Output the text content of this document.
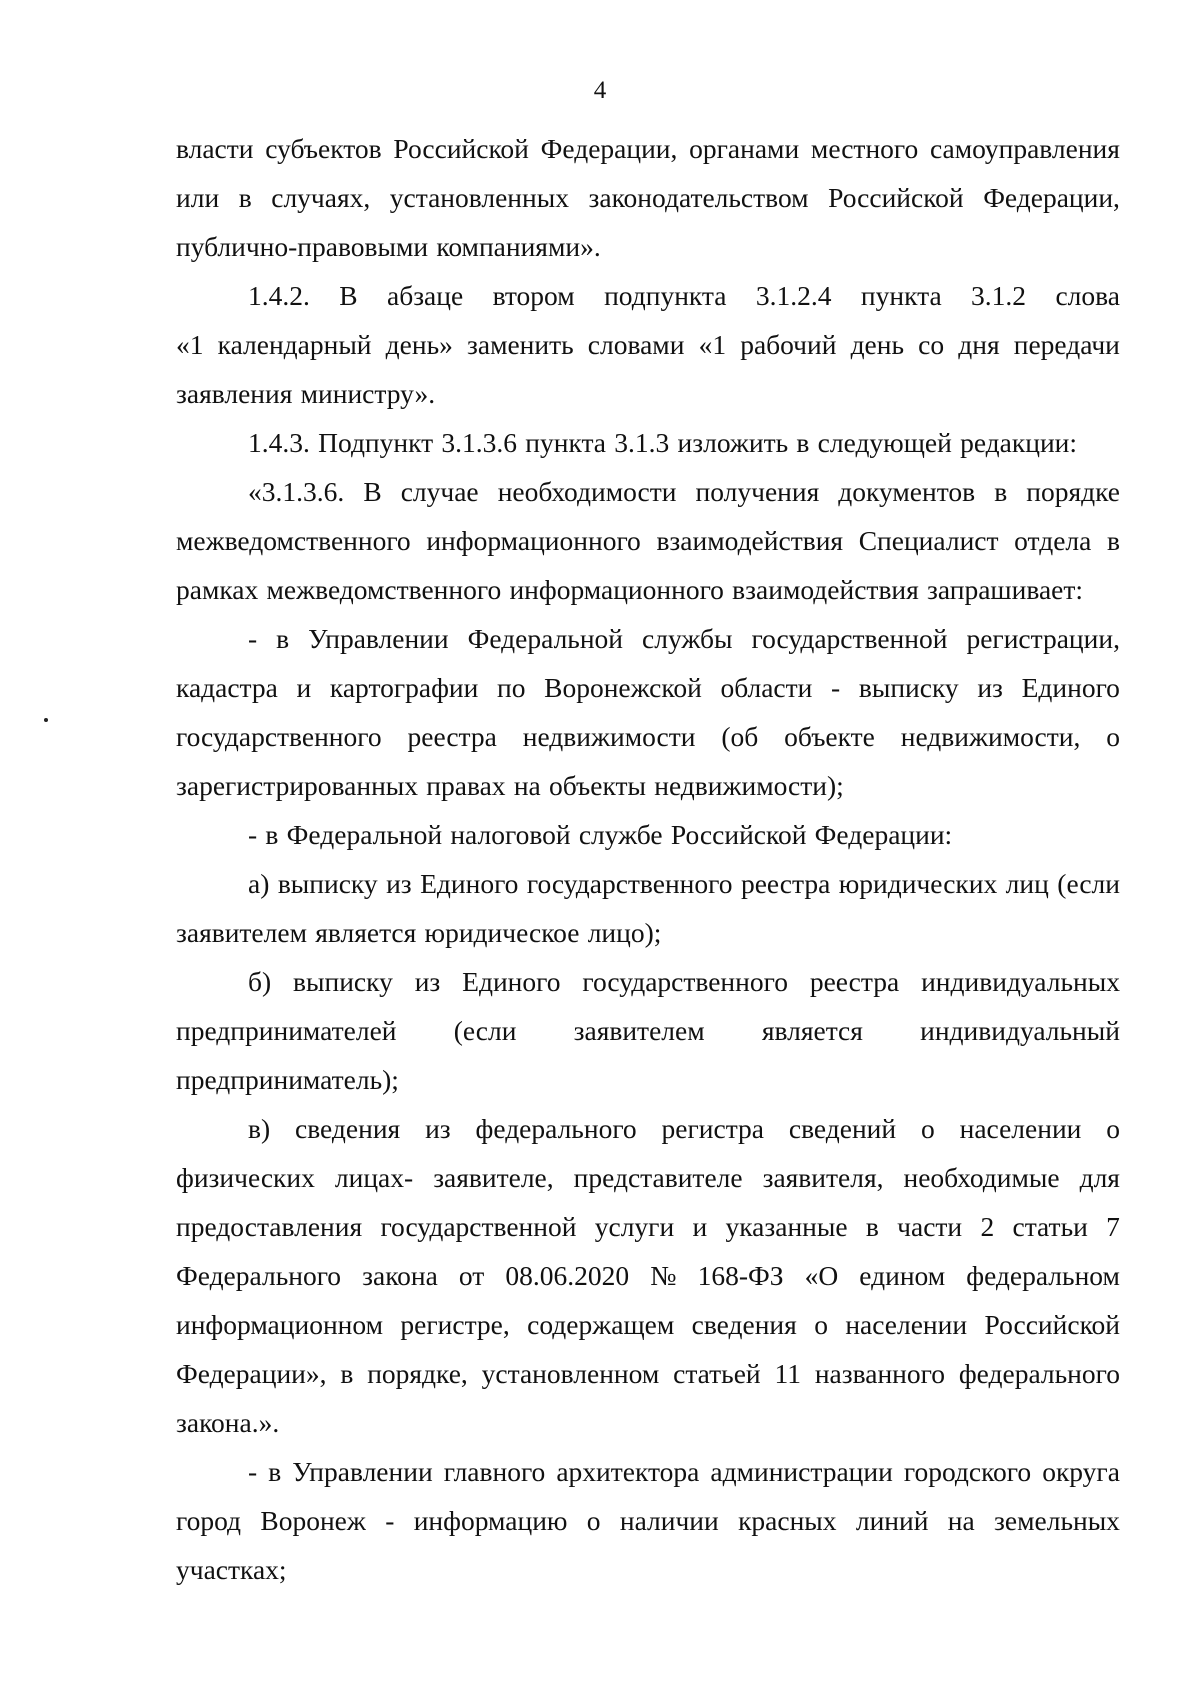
4
власти субъектов Российской Федерации, органами местного самоуправления
или в случаях, установленных законодательством Российской Федерации,
публично-правовыми компаниями».
1.4.2. В абзаце втором подпункта 3.1.2.4 пункта 3.1.2 слова
«1 календарный день» заменить словами «1 рабочий день со дня передачи
заявления министру».
1.4.3. Подпункт 3.1.3.6 пункта 3.1.3 изложить в следующей редакции:
«3.1.3.6. В случае необходимости получения документов в порядке
межведомственного информационного взаимодействия Специалист отдела в
рамках межведомственного информационного взаимодействия запрашивает:
- в Управлении Федеральной службы государственной регистрации,
кадастра и картографии по Воронежской области - выписку из Единого
государственного реестра недвижимости (об объекте недвижимости, о
зарегистрированных правах на объекты недвижимости);
- в Федеральной налоговой службе Российской Федерации:
а) выписку из Единого государственного реестра юридических лиц (если
заявителем является юридическое лицо);
б) выписку из Единого государственного реестра индивидуальных
предпринимателей (если заявителем является индивидуальный
предприниматель);
в) сведения из федерального регистра сведений о населении о
физических лицах- заявителе, представителе заявителя, необходимые для
предоставления государственной услуги и указанные в части 2 статьи 7
Федерального закона от 08.06.2020 № 168-ФЗ «О едином федеральном
информационном регистре, содержащем сведения о населении Российской
Федерации», в порядке, установленном статьей 11 названного федерального
закона.».
- в Управлении главного архитектора администрации городского округа
город Воронеж - информацию о наличии красных линий на земельных
участках;
